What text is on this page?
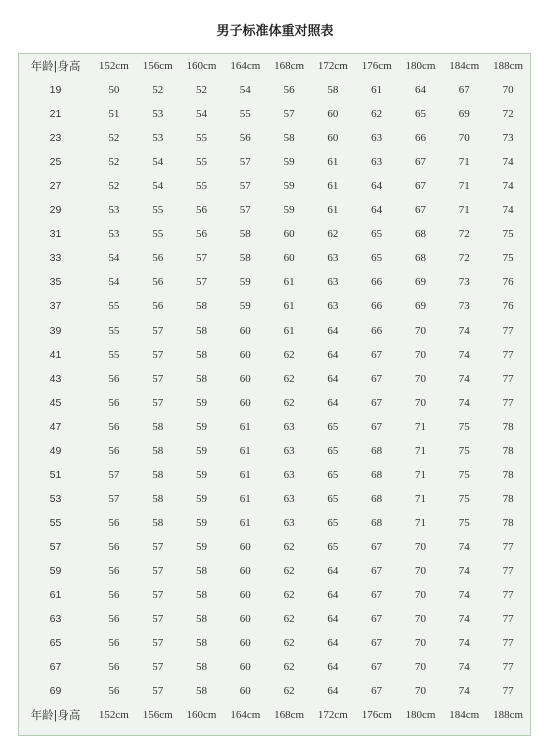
男子标准体重对照表
年龄|身高	152cm	156cm	160cm	164cm	168cm	172cm	176cm	180cm	184cm	188cm
19	50	52	52	54	56	58	61	64	67	70
21	51	53	54	55	57	60	62	65	69	72
23	52	53	55	56	58	60	63	66	70	73
25	52	54	55	57	59	61	63	67	71	74
27	52	54	55	57	59	61	64	67	71	74
29	53	55	56	57	59	61	64	67	71	74
31	53	55	56	58	60	62	65	68	72	75
33	54	56	57	58	60	63	65	68	72	75
35	54	56	57	59	61	63	66	69	73	76
37	55	56	58	59	61	63	66	69	73	76
39	55	57	58	60	61	64	66	70	74	77
41	55	57	58	60	62	64	67	70	74	77
43	56	57	58	60	62	64	67	70	74	77
45	56	57	59	60	62	64	67	70	74	77
47	56	58	59	61	63	65	67	71	75	78
49	56	58	59	61	63	65	68	71	75	78
51	57	58	59	61	63	65	68	71	75	78
53	57	58	59	61	63	65	68	71	75	78
55	56	58	59	61	63	65	68	71	75	78
57	56	57	59	60	62	65	67	70	74	77
59	56	57	58	60	62	64	67	70	74	77
61	56	57	58	60	62	64	67	70	74	77
63	56	57	58	60	62	64	67	70	74	77
65	56	57	58	60	62	64	67	70	74	77
67	56	57	58	60	62	64	67	70	74	77
69	56	57	58	60	62	64	67	70	74	77
年龄|身高	152cm	156cm	160cm	164cm	168cm	172cm	176cm	180cm	184cm	188cm
